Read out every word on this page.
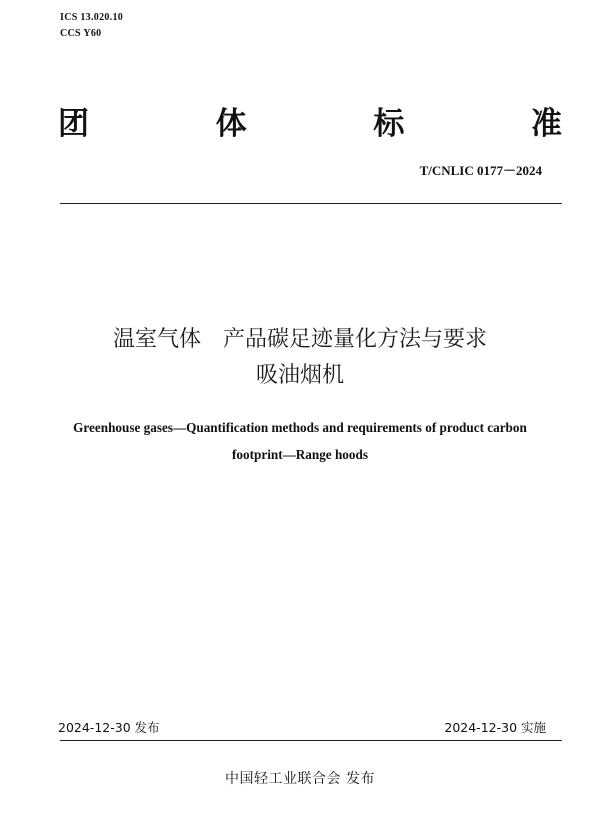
ICS 13.020.10
CCS Y60
团	体	标	准
T/CNLIC 0177－2024
温室气体　产品碳足迹量化方法与要求
吸油烟机
Greenhouse gases—Quantification methods and requirements of product carbon
footprint—Range hoods
2024-12-30 发布	2024-12-30 实施
中国轻工业联合会 发布
